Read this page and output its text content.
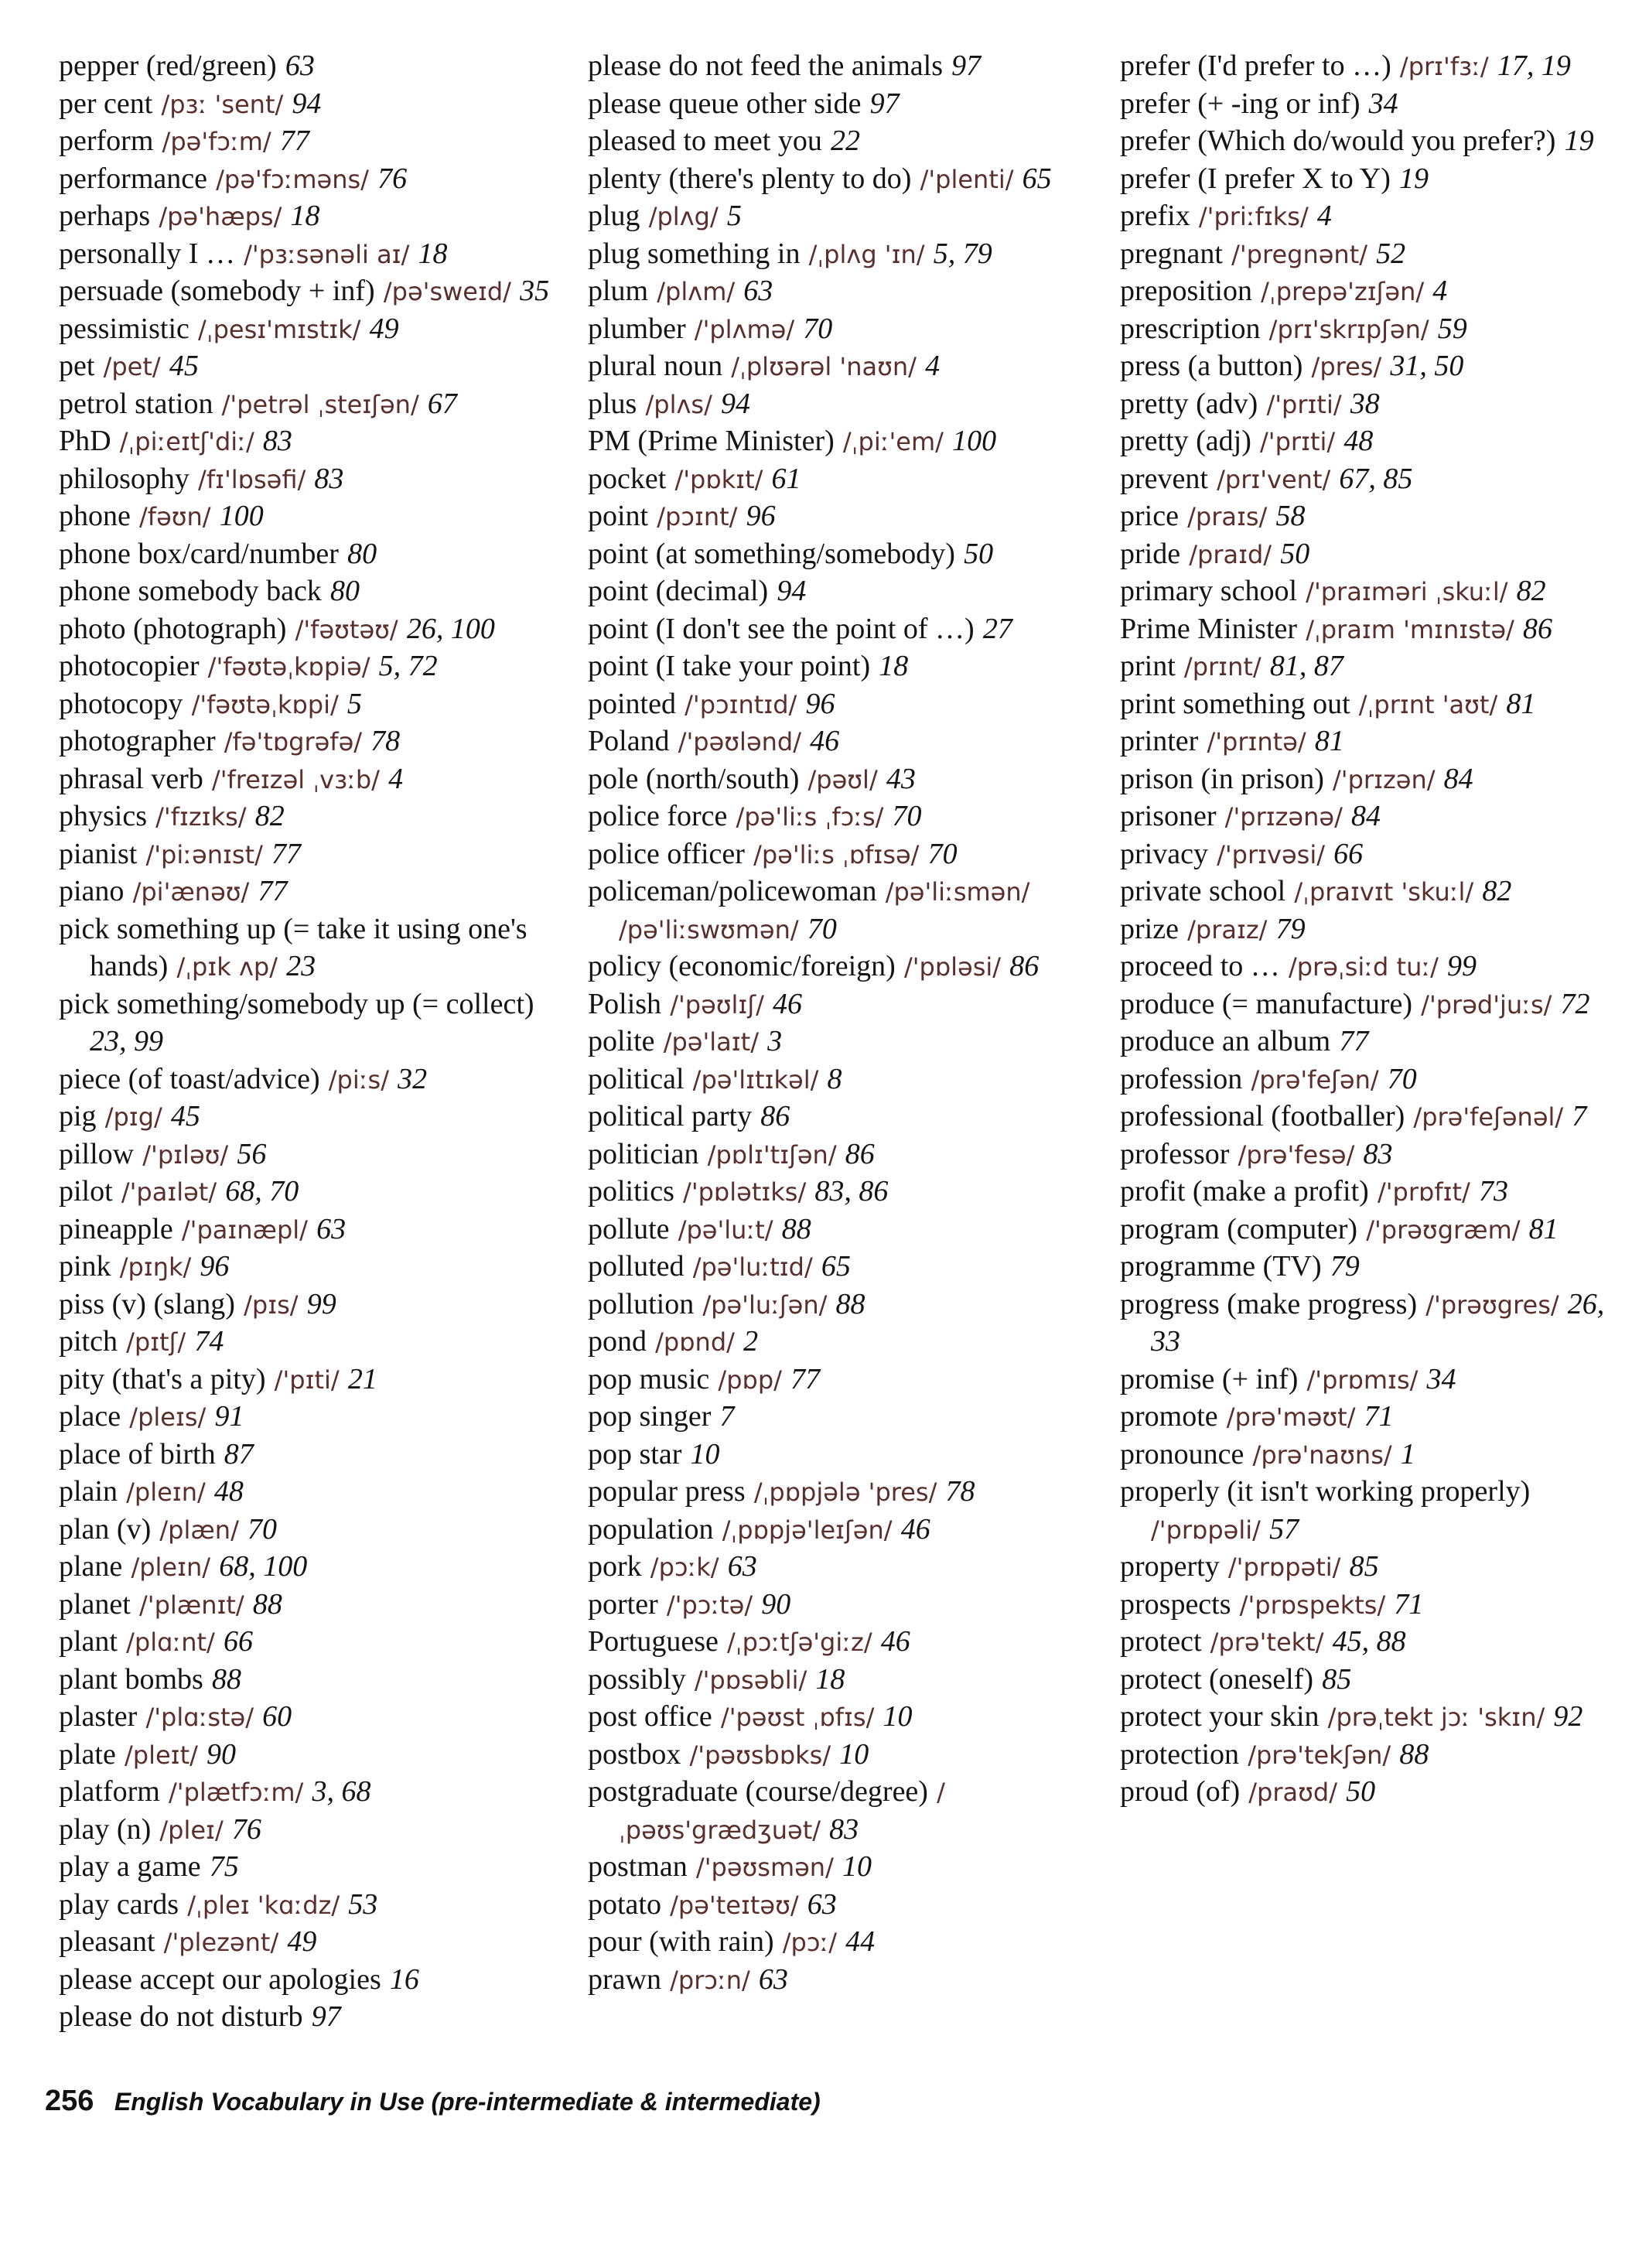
pepper (red/green) 63
per cent /pɜː 'sent/ 94
perform /pə'fɔːm/ 77
performance /pə'fɔːməns/ 76
perhaps /pə'hæps/ 18
personally I … /'pɜːsənəli aɪ/ 18
persuade (somebody + inf) /pə'sweɪd/ 35
pessimistic /ˌpesɪ'mɪstɪk/ 49
pet /pet/ 45
petrol station /'petrəl ˌsteɪʃən/ 67
PhD /ˌpiːeɪtʃ'diː/ 83
philosophy /fɪ'lɒsəfi/ 83
phone /fəʊn/ 100
phone box/card/number 80
phone somebody back 80
photo (photograph) /'fəʊtəʊ/ 26, 100
photocopier /'fəʊtəˌkɒpiə/ 5, 72
photocopy /'fəʊtəˌkɒpi/ 5
photographer /fə'tɒgrəfə/ 78
phrasal verb /'freɪzəl ˌvɜːb/ 4
physics /'fɪzɪks/ 82
pianist /'piːənɪst/ 77
piano /pi'ænəʊ/ 77
pick something up (= take it using one's hands) /ˌpɪk ʌp/ 23
pick something/somebody up (= collect) 23, 99
piece (of toast/advice) /piːs/ 32
pig /pɪg/ 45
pillow /'pɪləʊ/ 56
pilot /'paɪlət/ 68, 70
pineapple /'paɪnæpl/ 63
pink /pɪŋk/ 96
piss (v) (slang) /pɪs/ 99
pitch /pɪtʃ/ 74
pity (that's a pity) /'pɪti/ 21
place /pleɪs/ 91
place of birth 87
plain /pleɪn/ 48
plan (v) /plæn/ 70
plane /pleɪn/ 68, 100
planet /'plænɪt/ 88
plant /plɑːnt/ 66
plant bombs 88
plaster /'plɑːstə/ 60
plate /pleɪt/ 90
platform /'plætfɔːm/ 3, 68
play (n) /pleɪ/ 76
play a game 75
play cards /ˌpleɪ 'kɑːdz/ 53
pleasant /'plezənt/ 49
please accept our apologies 16
please do not disturb 97
please do not feed the animals 97
please queue other side 97
pleased to meet you 22
plenty (there's plenty to do) /'plenti/ 65
plug /plʌg/ 5
plug something in /ˌplʌg 'ɪn/ 5, 79
plum /plʌm/ 63
plumber /'plʌmə/ 70
plural noun /ˌplʊərəl 'naʊn/ 4
plus /plʌs/ 94
PM (Prime Minister) /ˌpiː'em/ 100
pocket /'pɒkɪt/ 61
point /pɔɪnt/ 96
point (at something/somebody) 50
point (decimal) 94
point (I don't see the point of …) 27
point (I take your point) 18
pointed /'pɔɪntɪd/ 96
Poland /'pəʊlənd/ 46
pole (north/south) /pəʊl/ 43
police force /pə'liːs ˌfɔːs/ 70
police officer /pə'liːs ˌɒfɪsə/ 70
policeman/policewoman /pə'liːsmən/ /pə'liːswʊmən/ 70
policy (economic/foreign) /'pɒləsi/ 86
Polish /'pəʊlɪʃ/ 46
polite /pə'laɪt/ 3
political /pə'lɪtɪkəl/ 8
political party 86
politician /pɒlɪ'tɪʃən/ 86
politics /'pɒlətɪks/ 83, 86
pollute /pə'luːt/ 88
polluted /pə'luːtɪd/ 65
pollution /pə'luːʃən/ 88
pond /pɒnd/ 2
pop music /pɒp/ 77
pop singer 7
pop star 10
popular press /ˌpɒpjələ 'pres/ 78
population /ˌpɒpjə'leɪʃən/ 46
pork /pɔːk/ 63
porter /'pɔːtə/ 90
Portuguese /ˌpɔːtʃə'giːz/ 46
possibly /'pɒsəbli/ 18
post office /'pəʊst ˌɒfɪs/ 10
postbox /'pəʊsbɒks/ 10
postgraduate (course/degree) /ˌpəʊs'grædʒuət/ 83
postman /'pəʊsmən/ 10
potato /pə'teɪtəʊ/ 63
pour (with rain) /pɔː/ 44
prawn /prɔːn/ 63
prefer (I'd prefer to …) /prɪ'fɜː/ 17, 19
prefer (+ -ing or inf) 34
prefer (Which do/would you prefer?) 19
prefer (I prefer X to Y) 19
prefix /'priːfɪks/ 4
pregnant /'pregnənt/ 52
preposition /ˌprepə'zɪʃən/ 4
prescription /prɪ'skrɪpʃən/ 59
press (a button) /pres/ 31, 50
pretty (adv) /'prɪti/ 38
pretty (adj) /'prɪti/ 48
prevent /prɪ'vent/ 67, 85
price /praɪs/ 58
pride /praɪd/ 50
primary school /'praɪməri ˌskuːl/ 82
Prime Minister /ˌpraɪm 'mɪnɪstə/ 86
print /prɪnt/ 81, 87
print something out /ˌprɪnt 'aʊt/ 81
printer /'prɪntə/ 81
prison (in prison) /'prɪzən/ 84
prisoner /'prɪzənə/ 84
privacy /'prɪvəsi/ 66
private school /ˌpraɪvɪt 'skuːl/ 82
prize /praɪz/ 79
proceed to … /prəˌsiːd tuː/ 99
produce (= manufacture) /'prəd'juːs/ 72
produce an album 77
profession /prə'feʃən/ 70
professional (footballer) /prə'feʃənəl/ 7
professor /prə'fesə/ 83
profit (make a profit) /'prɒfɪt/ 73
program (computer) /'prəʊgræm/ 81
programme (TV) 79
progress (make progress) /'prəʊgres/ 26, 33
promise (+ inf) /'prɒmɪs/ 34
promote /prə'məʊt/ 71
pronounce /prə'naʊns/ 1
properly (it isn't working properly) /'prɒpəli/ 57
property /'prɒpəti/ 85
prospects /'prɒspekts/ 71
protect /prə'tekt/ 45, 88
protect (oneself) 85
protect your skin /prəˌtekt jɔː 'skɪn/ 92
protection /prə'tekʃən/ 88
proud (of) /praʊd/ 50
256 English Vocabulary in Use (pre-intermediate & intermediate)
